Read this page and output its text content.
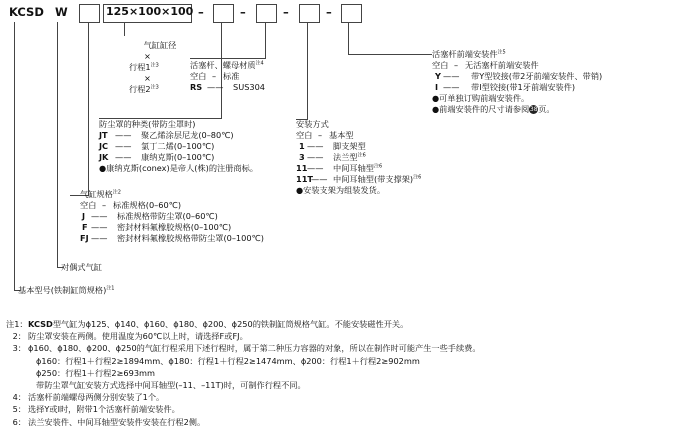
KCSD W	125×100×100 –	–	–	–
气缸缸径
×
行程$1^{注3}$
×
行程2$^{注3}$
活塞杆、螺母材质$^{注4}$
空白 – 标准
RS —— SUS304
活塞杆前端安装件$^{注5}$
空白 – 无活塞杆前端安装件
Y —— 带Y型铰接(带2牙前端安装件、带销)
I —— 带I型铰接(带1牙前端安装件)
●可单独订购前端安装件。
●前端安装件的尺寸请参阅38页。
防尘罩的种类(带防尘罩时)
JT —— 聚乙烯涂层尼龙(0–80℃)
JC —— 氯丁二烯(0–100℃)
JK —— 康纳克斯(0–100℃)
●康纳克斯(conex)是帝人(株)的注册商标。
安装方式
空白 – 基本型
1 —— 脚支架型
3 —— 法兰型$^{注6}$
11—— 中间耳轴型$^{注6}$
11T—— 中间耳轴型(带支撑架)$^{注6}$
●安装支架为组装发货。
气缸规格$^{注2}$
空白 – 标准规格(0–60℃)
J —— 标准规格带防尘罩(0–60℃)
F —— 密封材料氟橡胶规格(0–100℃)
FJ —— 密封材料氟橡胶规格带防尘罩(0–100℃)
对偶式气缸
基本型号(铁制缸筒规格)$^{注1}$
注1：KCSD型气缸为ϕ125、ϕ140、ϕ160、ϕ180、ϕ200、ϕ250的铁制缸筒规格气缸。不能安装磁性开关。
2： 防尘罩安装在两侧。使用温度为60℃以上时，请选择F或FJ。
3： ϕ160、ϕ180、ϕ200、ϕ250的气缸行程采用下述行程时，属于第二种压力容器的对象，所以在制作时可能产生一些手续费。
ϕ160：行程1＋行程2≥1894mm、ϕ180：行程1＋行程2≥1474mm、ϕ200：行程1＋行程2≥902mm
ϕ250：行程1＋行程2≥693mm
带防尘罩气缸安装方式选择中间耳轴型(–11、–11T)时，可制作行程不同。
4： 活塞杆前端螺母两侧分别安装了1个。
5： 选择Y或I时，附带1个活塞杆前端安装件。
6： 法兰安装件、中间耳轴型安装件安装在行程2侧。
